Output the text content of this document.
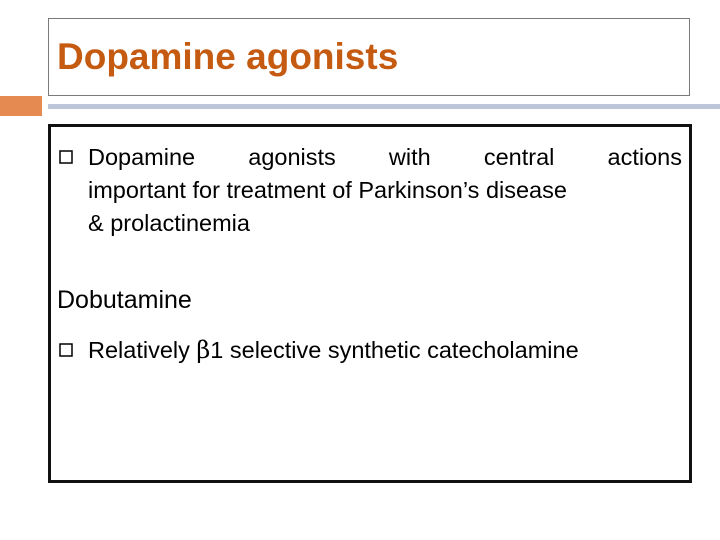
Dopamine agonists
Dopamine agonists with central actions
important for treatment of Parkinson’s disease
& prolactinemia
Dobutamine
Relatively β1 selective synthetic catecholamine
